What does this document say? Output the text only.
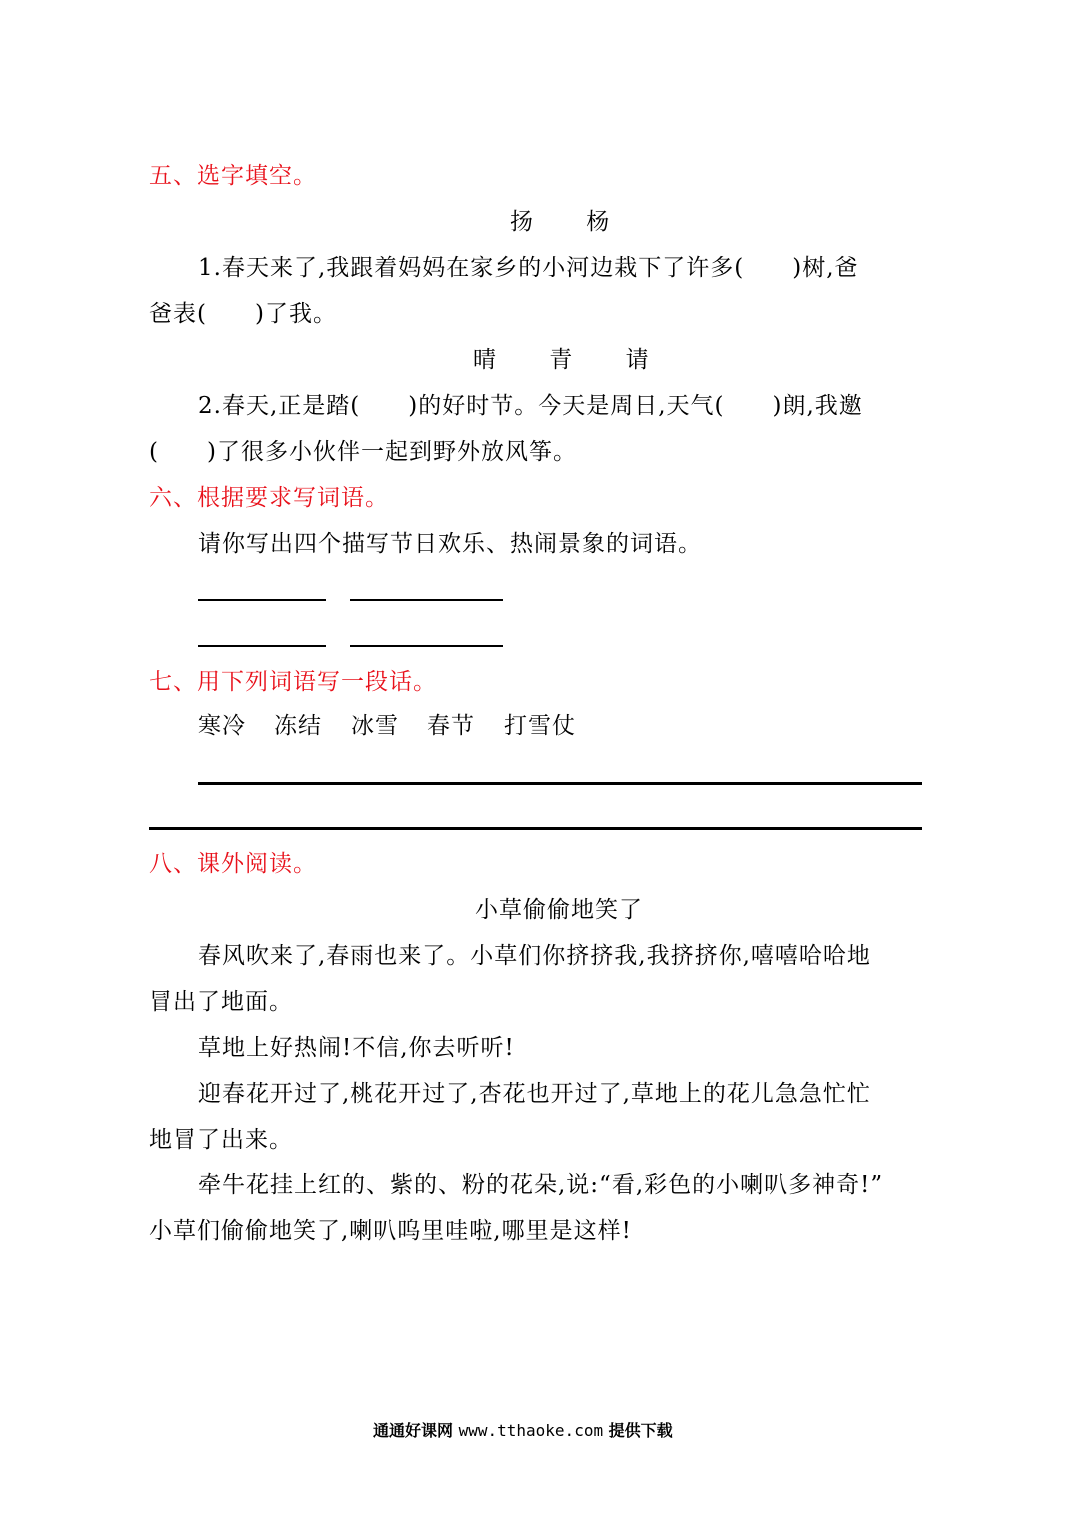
五、选字填空。
扬 杨
1.春天来了,我跟着妈妈在家乡的小河边栽下了许多(　　)树,爸
爸表(　　)了我。
晴 青 请
2.春天,正是踏(　　)的好时节。今天是周日,天气(　　)朗,我邀
(　　)了很多小伙伴一起到野外放风筝。
六、根据要求写词语。
请你写出四个描写节日欢乐、热闹景象的词语。
七、用下列词语写一段话。
寒冷 冻结 冰雪 春节 打雪仗
八、课外阅读。
小草偷偷地笑了
春风吹来了,春雨也来了。小草们你挤挤我,我挤挤你,嘻嘻哈哈地
冒出了地面。
草地上好热闹!不信,你去听听!
迎春花开过了,桃花开过了,杏花也开过了,草地上的花儿急急忙忙
地冒了出来。
牵牛花挂上红的、紫的、粉的花朵,说:“看,彩色的小喇叭多神奇!”
小草们偷偷地笑了,喇叭呜里哇啦,哪里是这样!
通通好课网 www.tthaoke.com 提供下载
